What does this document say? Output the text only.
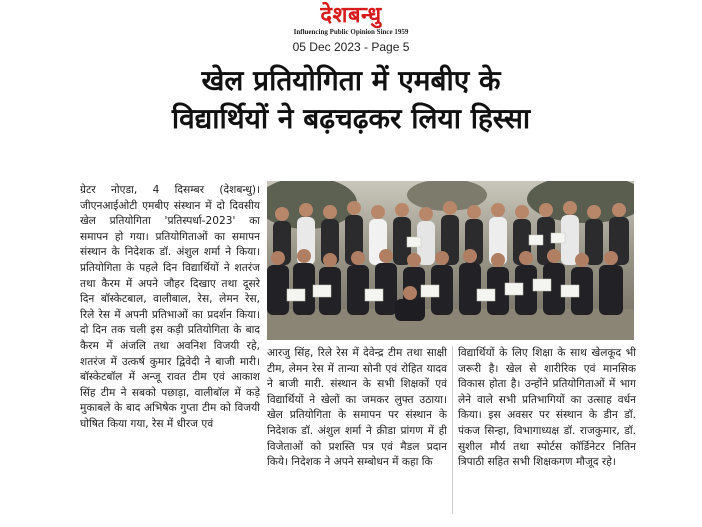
देशबन्धु
Influencing Public Opinion Since 1959
05 Dec 2023 - Page 5
खेल प्रतियोगिता में एमबीए के
विद्यार्थियों ने बढ़चढ़कर लिया हिस्सा
ग्रेटर नोएडा, 4 दिसम्बर (देशबन्धु)। जीएनआईओटी एमबीए संस्थान में दो दिवसीय खेल प्रतियोगिता 'प्रतिस्पर्धा-2023' का समापन हो गया। प्रतियोगिताओं का समापन संस्थान के निदेशक डॉ. अंशुल शर्मा ने किया। प्रतियोगिता के पहले दिन विद्यार्थियों ने शतरंज तथा कैरम में अपने जौहर दिखाए तथा दूसरे दिन बॉस्केटबाल, वालीबाल, रेस, लेमन रेस, रिले रेस में अपनी प्रतिभाओं का प्रदर्शन किया। दो दिन तक चली इस कड़ी प्रतियोगिता के बाद कैरम में अंजलि तथा अवनिश विजयी रहे, शतरंज में उत्कर्ष कुमार द्विवेदी ने बाजी मारी। बॉस्केटबॉल में अन्जू रावत टीम एवं आकाश सिंह टीम ने सबको पछाड़ा, वालीबॉल में कड़े मुकाबले के बाद अभिषेक गुप्ता टीम को विजयी घोषित किया गया, रेस में धीरज एवं
आरजु सिंह, रिले रेस में देवेन्द्र टीम तथा साक्षी टीम, लेमन रेस में तान्या सोनी एवं रोहित यादव ने बाजी मारी. संस्थान के सभी शिक्षकों एवं विद्यार्थियों ने खेलों का जमकर लुफ्त उठाया। खेल प्रतियोगिता के समापन पर संस्थान के निदेशक डॉ. अंशुल शर्मा ने क्रीडा प्रांगण में ही विजेताओं को प्रशस्ति पत्र एवं मैडल प्रदान किये। निदेशक ने अपने सम्बोधन में कहा कि
विद्यार्थियों के लिए शिक्षा के साथ खेलकूद भी जरूरी है। खेल से शारीरिक एवं मानसिक विकास होता है। उन्होंने प्रतियोगिताओं में भाग लेने वाले सभी प्रतिभागियों का उत्साह वर्धन किया। इस अवसर पर संस्थान के डीन डॉ. पंकज सिन्हा, विभागाध्यक्ष डॉ. राजकुमार, डॉ. सुशील मौर्य तथा स्पोर्टस कॉर्डिनेटर नितिन त्रिपाठी सहित सभी शिक्षकगण मौजूद रहे।
